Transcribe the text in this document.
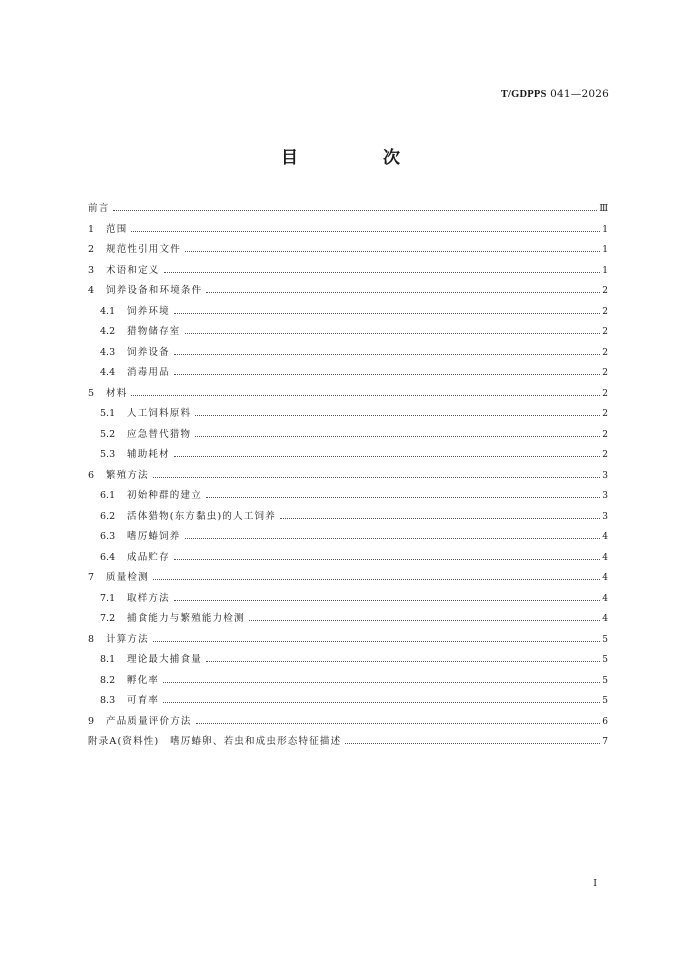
T/GDPPS 041—2026
目　次
前言	Ⅲ
1	范围	1
2	规范性引用文件	1
3	术语和定义	1
4	饲养设备和环境条件	2
4.1	饲养环境	2
4.2	猎物储存室	2
4.3	饲养设备	2
4.4	消毒用品	2
5	材料	2
5.1	人工饲料原料	2
5.2	应急替代猎物	2
5.3	辅助耗材	2
6	繁殖方法	3
6.1	初始种群的建立	3
6.2	活体猎物(东方黏虫)的人工饲养	3
6.3	嗜厉蝽饲养	4
6.4	成品贮存	4
7	质量检测	4
7.1	取样方法	4
7.2	捕食能力与繁殖能力检测	4
8	计算方法	5
8.1	理论最大捕食量	5
8.2	孵化率	5
8.3	可育率	5
9	产品质量评价方法	6
附录A(资料性)　嗜厉蝽卵、若虫和成虫形态特征描述	7
I
